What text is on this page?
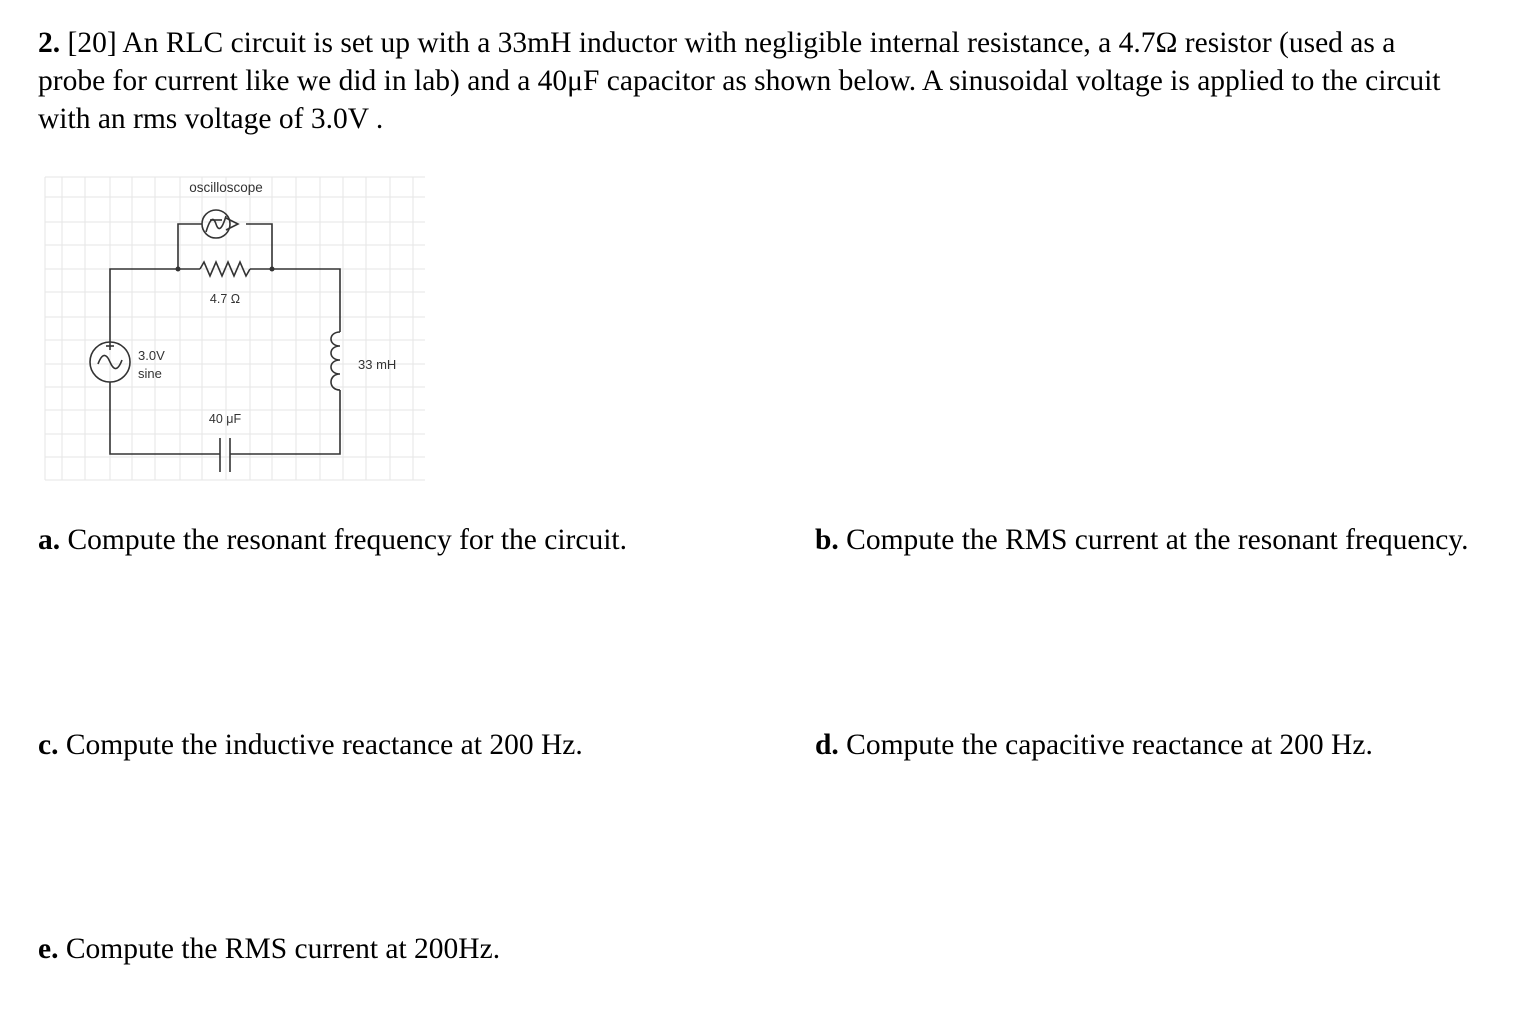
2. [20] An RLC circuit is set up with a 33mH inductor with negligible internal resistance, a 4.7Ω resistor (used as a
probe for current like we did in lab) and a 40μF capacitor as shown below. A sinusoidal voltage is applied to the circuit
with an rms voltage of 3.0V .
oscilloscope
4.7 Ω
3.0V
sine
33 mH
40 μF
a. Compute the resonant frequency for the circuit.	b. Compute the RMS current at the resonant frequency.
c. Compute the inductive reactance at 200 Hz.	d. Compute the capacitive reactance at 200 Hz.
e. Compute the RMS current at 200Hz.
